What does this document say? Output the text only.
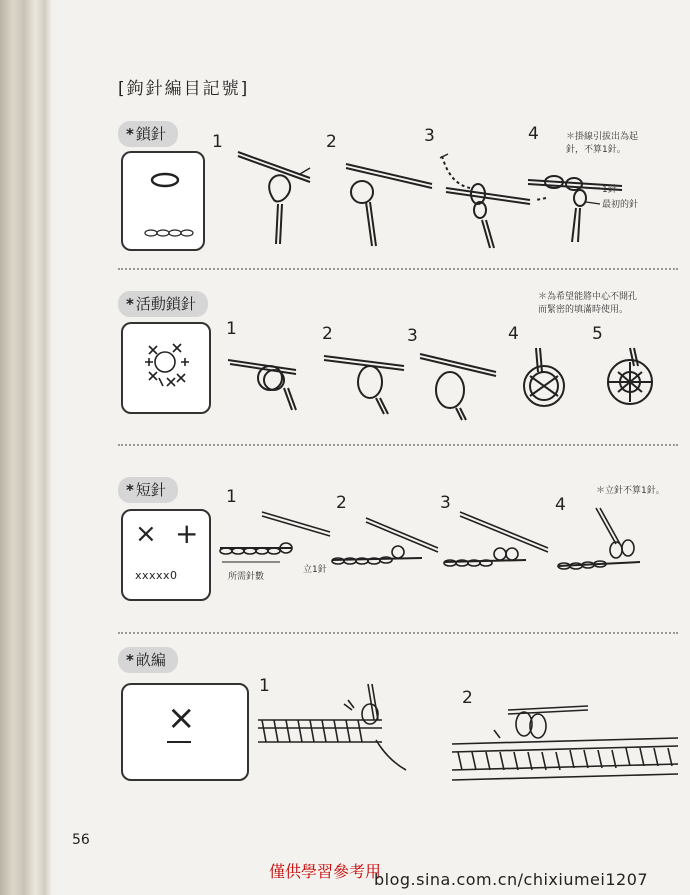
[鉤針編目記號]
* 鎖針	1	2	3	4	＊掛線引拔出為起
針，不算1針。
1針
最初的針
* 活動鎖針	＊為希望能將中心不開孔
而緊密的填滿時使用。
1	2	3	4	5
* 短針	＊立針不算1針。
× +
xxxxx0
1	2	3	4
所需針數
立1針
* 畝編
×
1
2
56
僅供學習參考用
blog.sina.com.cn/chixiumei1207
